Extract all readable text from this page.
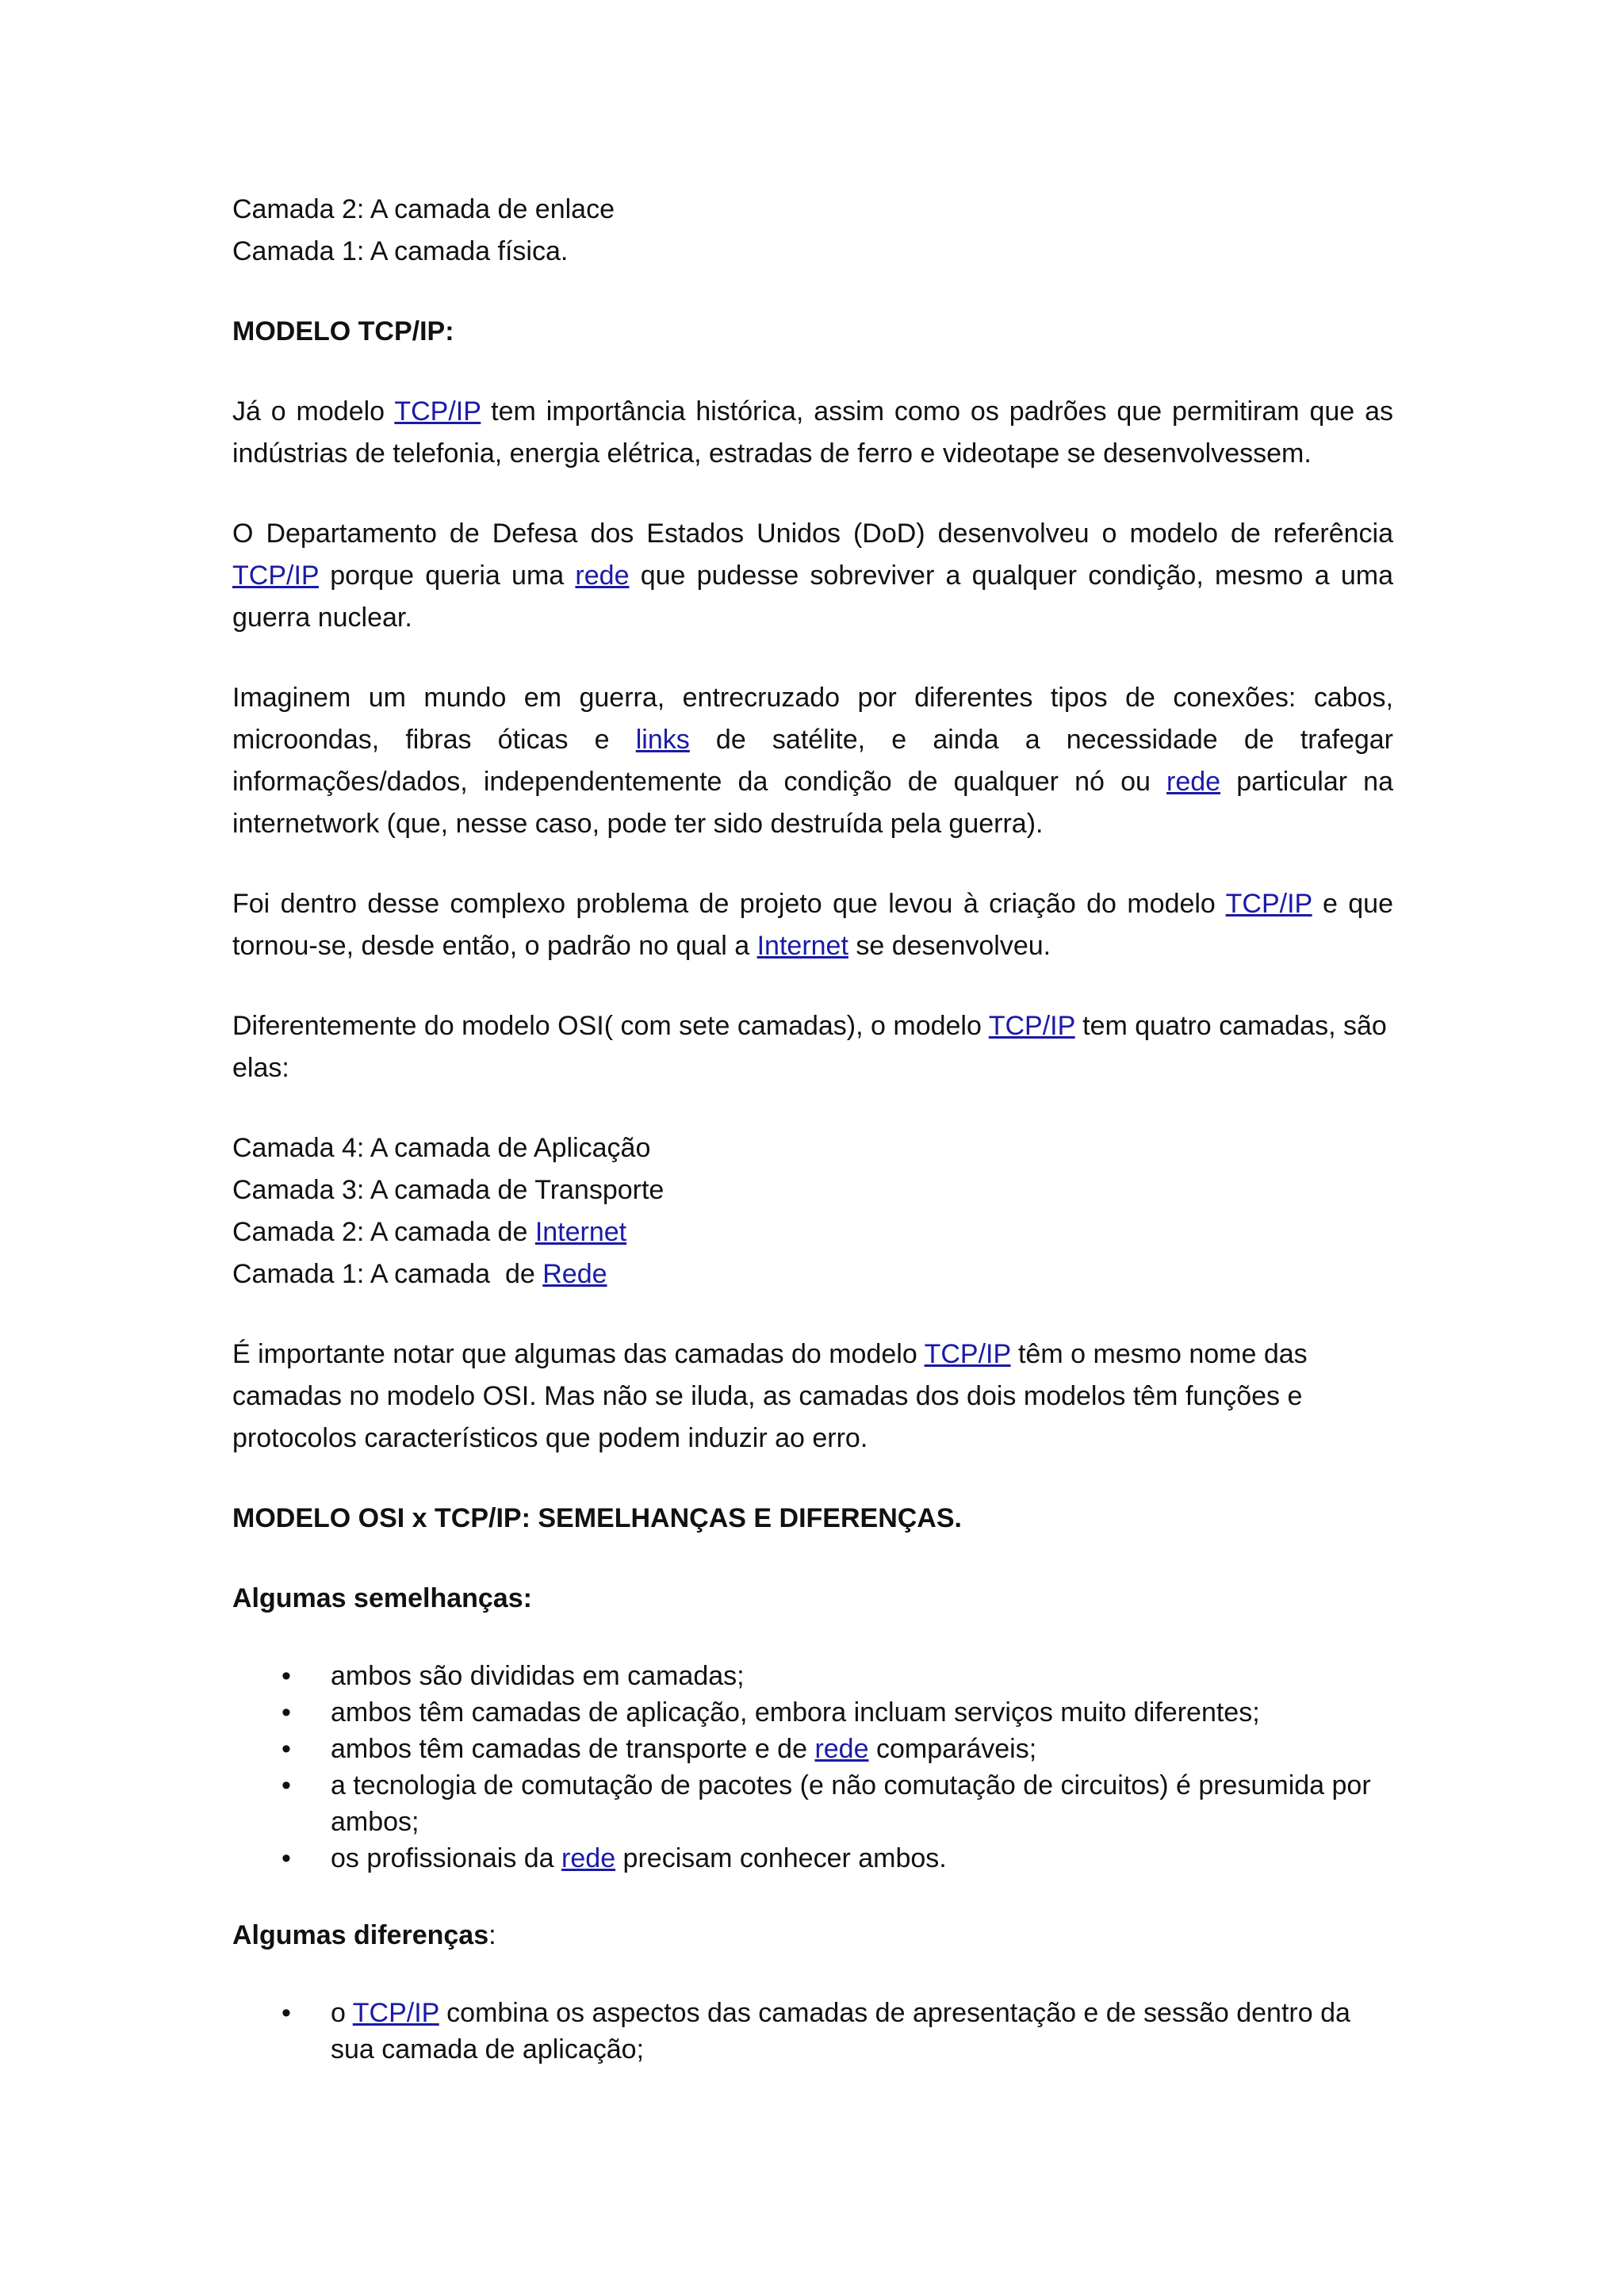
Camada 2: A camada de enlace
Camada 1: A camada física.
MODELO TCP/IP:

Já o modelo TCP/IP tem importância histórica, assim como os padrões que permitiram que as indústrias de telefonia, energia elétrica, estradas de ferro e videotape se desenvolvessem.

O Departamento de Defesa dos Estados Unidos (DoD) desenvolveu o modelo de referência TCP/IP porque queria uma rede que pudesse sobreviver a qualquer condição, mesmo a uma guerra nuclear.

Imaginem um mundo em guerra, entrecruzado por diferentes tipos de conexões: cabos, microondas, fibras óticas e links de satélite, e ainda a necessidade de trafegar informações/dados, independentemente da condição de qualquer nó ou rede particular na internetwork (que, nesse caso, pode ter sido destruída pela guerra).

Foi dentro desse complexo problema de projeto que levou à criação do modelo TCP/IP e que tornou-se, desde então, o padrão no qual a Internet se desenvolveu.

Diferentemente do modelo OSI( com sete camadas), o modelo TCP/IP tem quatro camadas, são elas:

Camada 4: A camada de Aplicação
Camada 3: A camada de Transporte
Camada 2: A camada de Internet
Camada 1: A camada  de Rede

É importante notar que algumas das camadas do modelo TCP/IP têm o mesmo nome das camadas no modelo OSI. Mas não se iluda, as camadas dos dois modelos têm funções e protocolos característicos que podem induzir ao erro.

MODELO OSI x TCP/IP: SEMELHANÇAS E DIFERENÇAS.
Algumas semelhanças:
• ambos são divididas em camadas;
• ambos têm camadas de aplicação, embora incluam serviços muito diferentes;
• ambos têm camadas de transporte e de rede comparáveis;
• a tecnologia de comutação de pacotes (e não comutação de circuitos) é presumida por ambos;
• os profissionais da rede precisam conhecer ambos.
Algumas diferenças:
• o TCP/IP combina os aspectos das camadas de apresentação e de sessão dentro da sua camada de aplicação;
